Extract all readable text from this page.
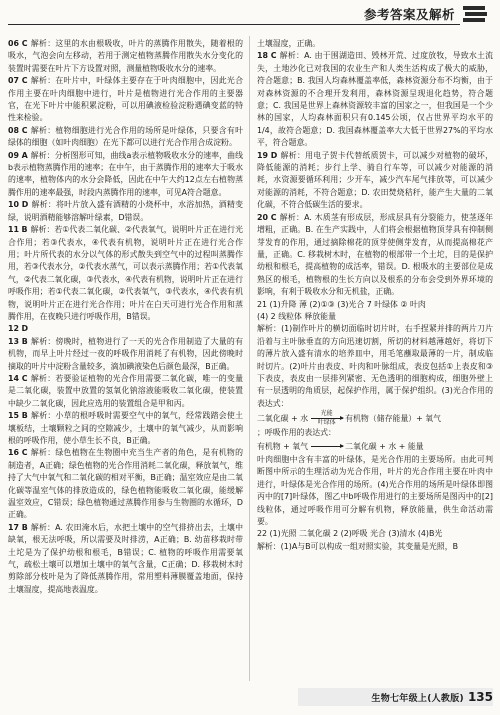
参考答案及解析

06 C 解析：这里的水由根吸收，叶片的蒸腾作用散失，随着根的吸水，气泡会向左移动，若用于测定植物蒸腾作用散失水分变化的装置时需要在叶片下方设置对照，测量植物吸收水分的速率。

07 C 解析：在叶片中，叶绿体主要存在于叶肉细胞中，因此光合作用主要在叶肉细胞中进行，叶片是植物进行光合作用的主要器官，在光下叶片中能积累淀粉，可以用碘液检验淀粉遇碘变蓝的特性来检验。

08 C 解析：植物细胞进行光合作用的场所是叶绿体，只要含有叶绿体的细胞（如叶肉细胞）在光下都可以进行光合作用合成淀粉。

09 A 解析：分析图形可知，曲线a表示植物吸收水分的速率，曲线b表示植物蒸腾作用的速率；在中午，由于蒸腾作用的速率大于吸水的速率，植物体内的水分会降低，因此在中午大约12点左右植物蒸腾作用的速率最强，时段内蒸腾作用的速率，可见A符合题意。

10 D 解析：将叶片放入盛有酒精的小烧杯中，水浴加热，酒精变绿，说明酒精能够溶解叶绿素，D错误。

11 B 解析：若①代表二氧化碳、②代表氧气，说明叶片正在进行光合作用；若③代表水，④代表有机物，说明叶片正在进行光合作用；叶片所代表的水分以气体的形式散失到空气中的过程叫蒸腾作用，若③代表水分，②代表水蒸气，可以表示蒸腾作用；若①代表氧气，②代表二氧化碳，③代表水，④代表有机物，说明叶片正在进行呼吸作用；若①代表二氧化碳，②代表氧气，③代表水，④代表有机物，说明叶片正在进行光合作用；叶片在白天可进行光合作用和蒸腾作用，在夜晚只进行呼吸作用，B错误。

12 D

13 B 解析：傍晚时，植物进行了一天的光合作用制造了大量的有机物，而早上叶片经过一夜的呼吸作用消耗了有机物，因此傍晚时摘取的叶片中淀粉含量较多，滴加碘液染色后颜色最深，B正确。

14 C 解析：若要验证植物的光合作用需要二氧化碳，唯一的变量是二氧化碳，装置中放置的氢氧化钠溶液能吸收二氧化碳，使装置中缺少二氧化碳，因此应选用的装置组合是甲和丙。

15 B 解析：小草的根呼吸时需要空气中的氧气，经常践踏会使土壤板结，土壤颗粒之间的空隙减少，土壤中的氧气减少，从而影响根的呼吸作用，使小草生长不良，B正确。

16 C 解析：绿色植物在生物圈中充当生产者的角色，是有机物的制造者，A正确；绿色植物的光合作用消耗二氧化碳，释放氧气，维持了大气中氧气和二氧化碳的相对平衡，B正确；温室效应是由二氧化碳等温室气体的排放造成的，绿色植物能吸收二氧化碳，能缓解温室效应，C错误；绿色植物通过蒸腾作用参与生物圈的水循环，D正确。

17 B 解析：A. 农田淹水后，水把土壤中的空气排挤出去，土壤中缺氧，根无法呼吸，所以需要及时排涝，A正确；B. 幼苗移栽时带土坨是为了保护幼根和根毛，B错误；C. 植物的呼吸作用需要氧气，疏松土壤可以增加土壤中的氧气含量，C正确；D. 移栽树木时剪除部分枝叶是为了降低蒸腾作用，常用塑料薄膜覆盖地面，保持土壤湿度，提高地表温度。

土壤湿度，正确。

18 C 解析：A. 由于围湖造田、毁林开荒、过度放牧，导致水土流失，土地沙化已对我国的农业生产和人类生活构成了极大的威胁，符合题意；B. 我国人均森林覆盖率低，森林资源分布不均衡，由于对森林资源的不合理开发利用，森林资源呈现退化趋势，符合题意；C. 我国是世界上森林资源较丰富的国家之一，但我国是一个少林的国家，人均森林面积只有0.145公顷，仅占世界平均水平的1/4，故符合题意；D. 我国森林覆盖率大大低于世界27%的平均水平，符合题意。

19 D 解析：用电子贺卡代替纸质贺卡，可以减少对植物的破坏，降低能源的消耗；步行上学、骑自行车等，可以减少对能源的消耗，水资源要循环利用；少开车，减少汽车尾气排放等，可以减少对能源的消耗，不符合题意；D. 农田焚烧秸秆，能产生大量的二氧化碳，不符合低碳生活的要求。

20 C 解析：A. 木质茎有形成层，形成层具有分裂能力，使茎逐年增粗，正确。B. 在生产实践中，人们将会根据植物顶芽具有抑制侧芽发育的作用，通过摘除棉花的顶芽使侧芽发育，从而提高棉花产量，正确。C. 移栽树木时，在植物的根部带一个土坨，目的是保护幼根和根毛，提高植物的成活率，错误。D. 根吸水的主要部位是成熟区的根毛，植物根的生长方向以及根系的分布会受到外界环境的影响，有利于吸收水分和无机盐，正确。

21 (1)升降 薄 (2)①③ (3)光合 7 叶绿体 ② 叶肉

(4) 2 线粒体 释放能量

解析：(1)制作叶片的横切面临时切片时，右手捏紧并排的两片刀片沿着与主叶脉垂直的方向迅速切割，所切的材料越薄越好，将切下的薄片放入盛有清水的培养皿中，用毛笔蘸取最薄的一片，制成临时切片。(2)叶片由表皮、叶肉和叶脉组成，表皮包括①上表皮和③下表皮，表皮由一层排列紧密、无色透明的细胞构成，细胞外壁上有一层透明的角质层，起保护作用，属于保护组织。(3)光合作用的表达式：

二氧化碳 + 水
光能
叶绿体	有机物（储存能量）+ 氧气

；呼吸作用的表达式：

有机物 + 氧气	二氧化碳 + 水 + 能量

叶肉细胞中含有丰富的叶绿体，是光合作用的主要场所。由此可判断图中所示的生理活动为光合作用，叶片的光合作用主要在叶肉中进行，叶绿体是光合作用的场所。(4)光合作用的场所是叶绿体即图丙中的[7]叶绿体，图乙中b呼吸作用进行的主要场所是图丙中的[2]线粒体，通过呼吸作用可分解有机物，释放能量，供生命活动需要。

22 (1)光照 二氧化碳 2 (2)呼吸 光合 (3)清水 (4)B光

解析：(1)A与B可以构成一组对照实验，其变量是光照，B

生物七年级上(人教版) 135
